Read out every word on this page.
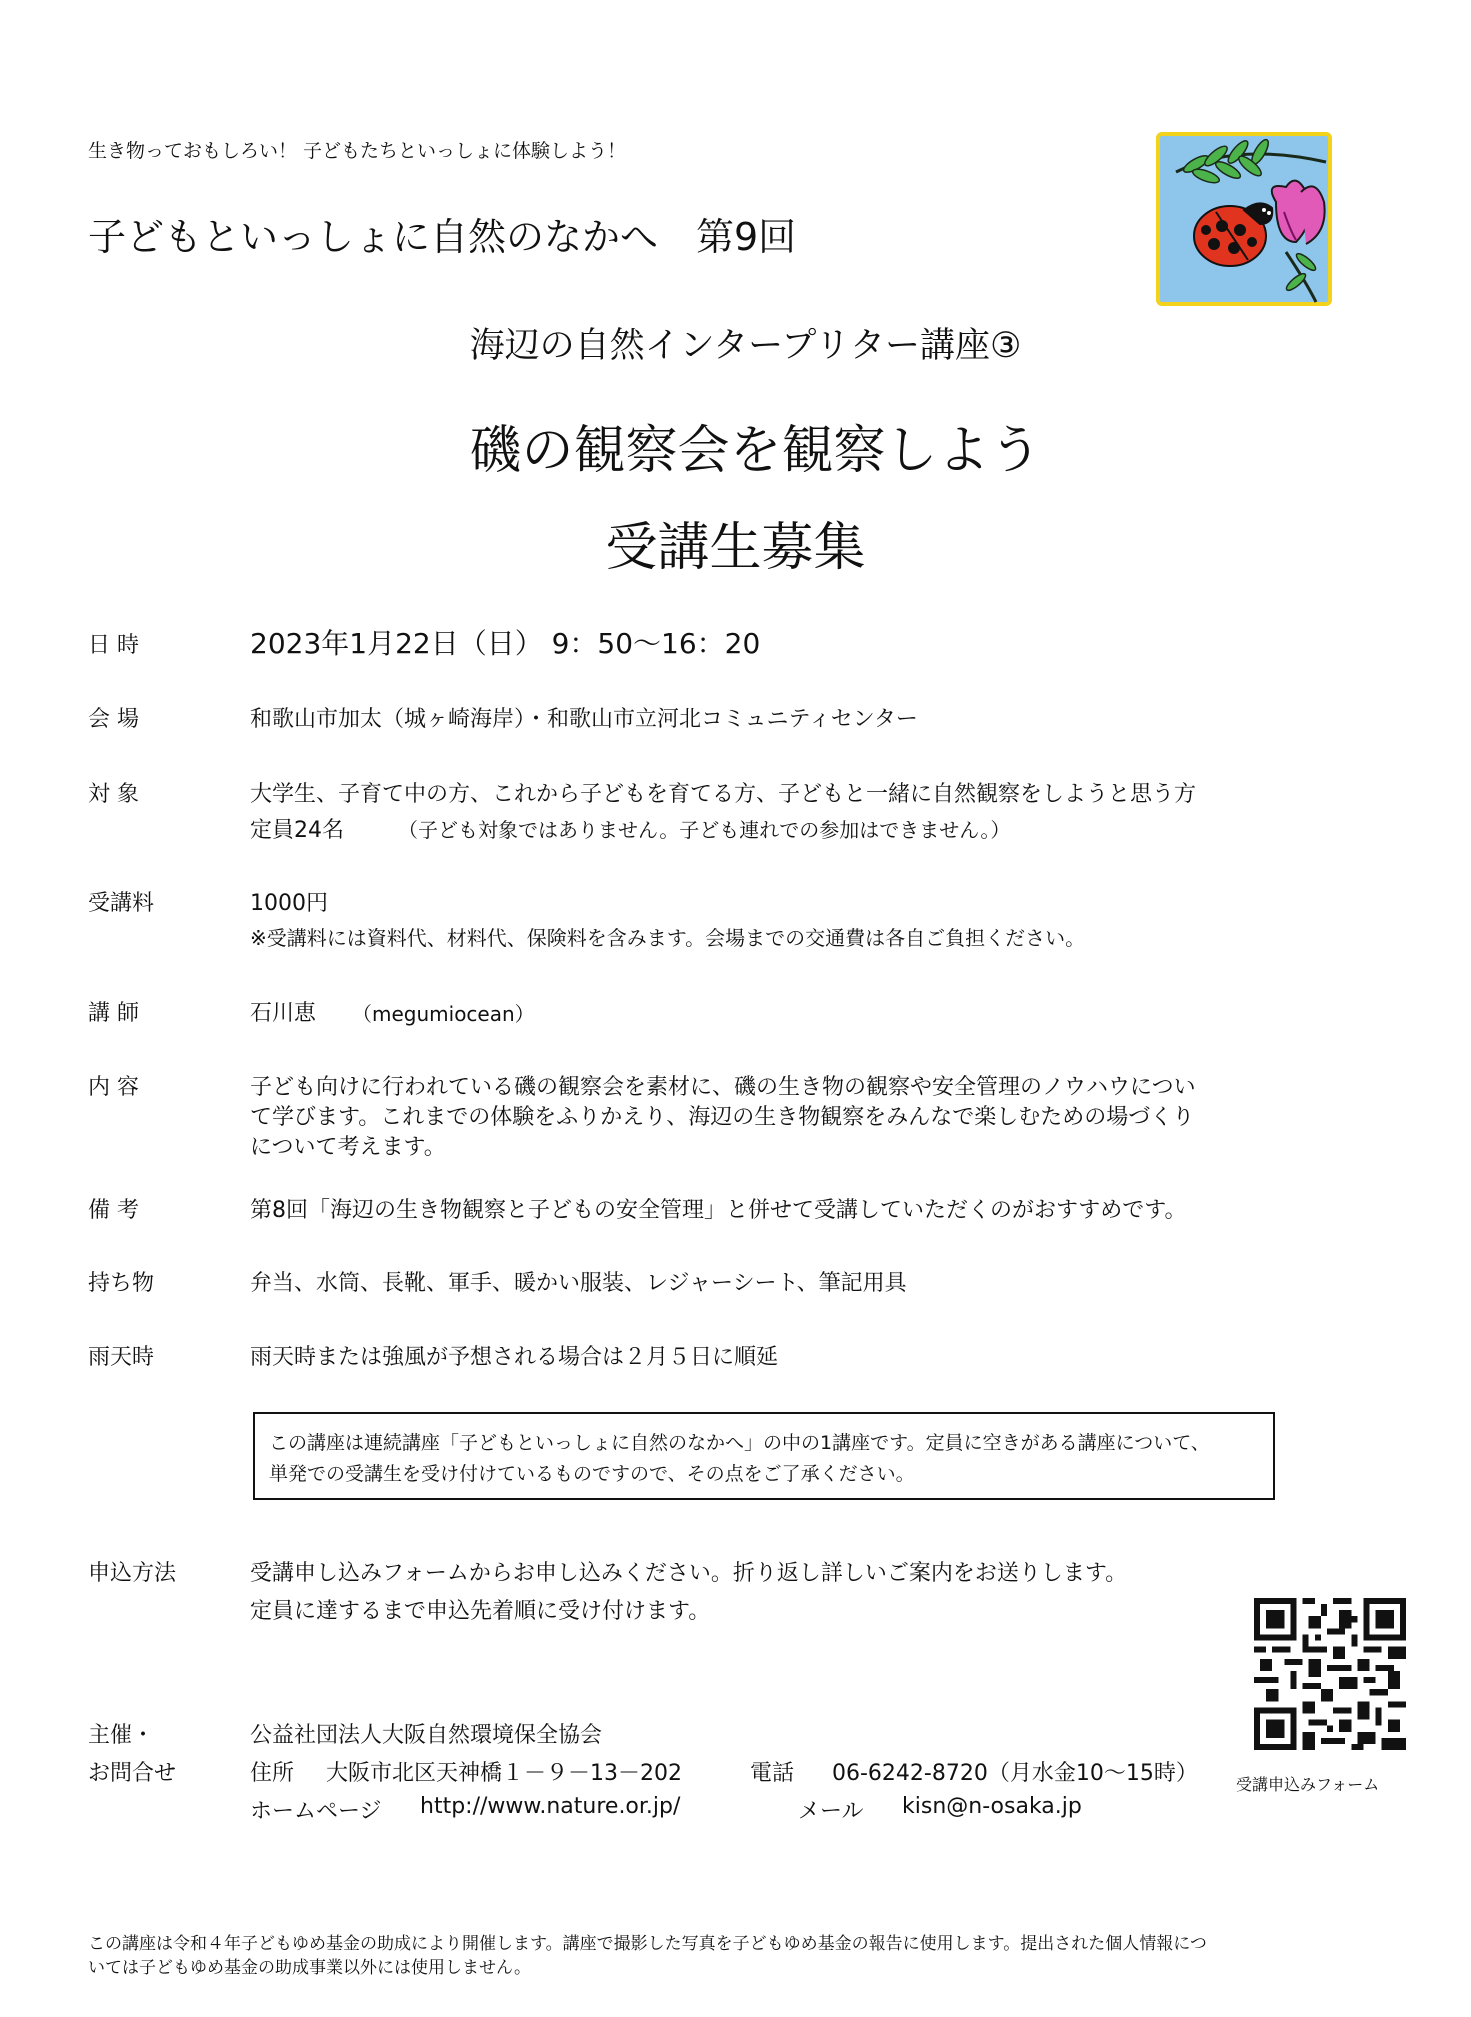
生き物っておもしろい！ 子どもたちといっしょに体験しよう！
子どもといっしょに自然のなかへ　第9回
海辺の自然インタープリター講座③
磯の観察会を観察しよう
受講生募集
日 時	2023年1月22日（日） 9：50～16：20
会 場	和歌山市加太（城ヶ崎海岸）・和歌山市立河北コミュニティセンター
対 象	大学生、子育て中の方、これから子どもを育てる方、子どもと一緒に自然観察をしようと思う方
定員24名	（子ども対象ではありません。子ども連れでの参加はできません。）
受講料	1000円
※受講料には資料代、材料代、保険料を含みます。会場までの交通費は各自ご負担ください。
講 師	石川恵 （megumiocean）
内 容	子ども向けに行われている磯の観察会を素材に、磯の生き物の観察や安全管理のノウハウについ
て学びます。これまでの体験をふりかえり、海辺の生き物観察をみんなで楽しむための場づくり
について考えます。
備 考	第8回「海辺の生き物観察と子どもの安全管理」と併せて受講していただくのがおすすめです。
持ち物	弁当、水筒、長靴、軍手、暖かい服装、レジャーシート、筆記用具
雨天時	雨天時または強風が予想される場合は２月５日に順延
この講座は連続講座「子どもといっしょに自然のなかへ」の中の1講座です。定員に空きがある講座について、
単発での受講生を受け付けているものですので、その点をご了承ください。
申込方法	受講申し込みフォームからお申し込みください。折り返し詳しいご案内をお送りします。
定員に達するまで申込先着順に受け付けます。
受講申込みフォーム
主催・
お問合せ
公益社団法人大阪自然環境保全協会
住所 大阪市北区天神橋１－９－13－202	電話 06-6242-8720（月水金10～15時）
ホームページ http://www.nature.or.jp/	メール kisn@n-osaka.jp
この講座は令和４年子どもゆめ基金の助成により開催します。講座で撮影した写真を子どもゆめ基金の報告に使用します。提出された個人情報につ
いては子どもゆめ基金の助成事業以外には使用しません。
